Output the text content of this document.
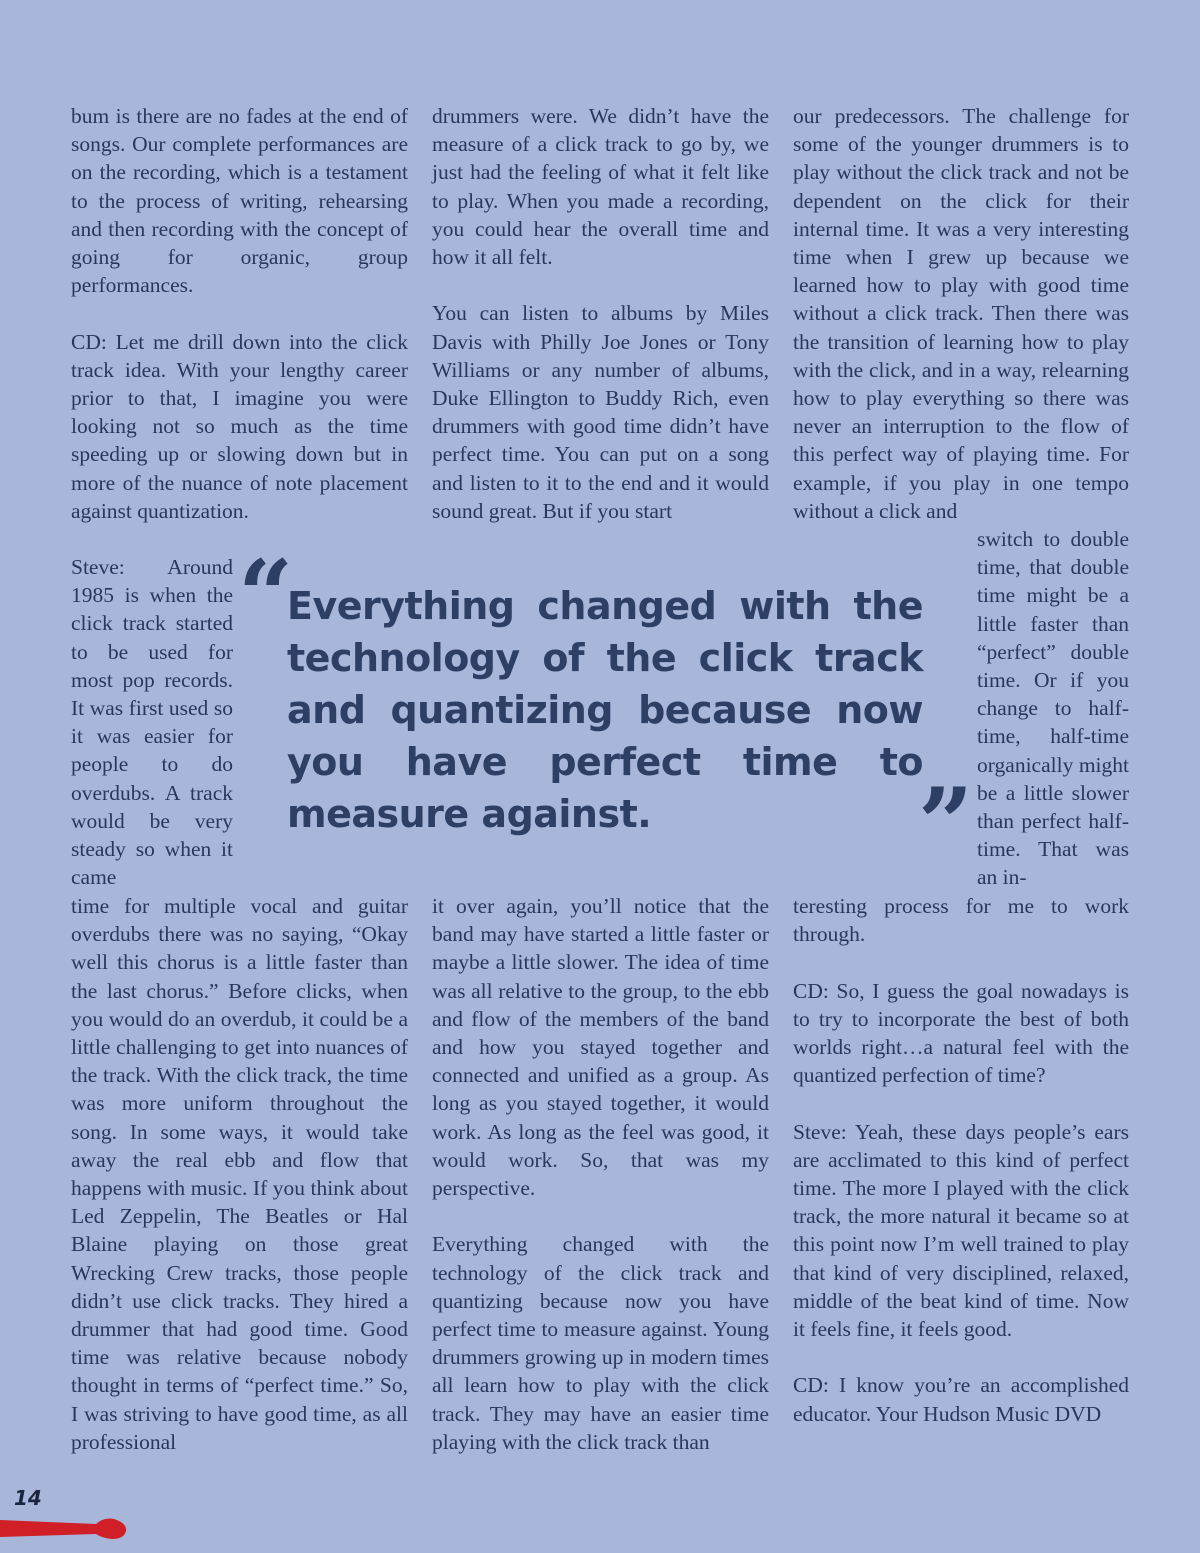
bum is there are no fades at the end of songs. Our complete performances are on the recording, which is a testament to the process of writing, rehearsing and then recording with the concept of going for organic, group performances.

CD: Let me drill down into the click track idea. With your lengthy career prior to that, I imagine you were looking not so much as the time speeding up or slowing down but in more of the nuance of note placement against quantization.

drummers were. We didn’t have the measure of a click track to go by, we just had the feeling of what it felt like to play. When you made a recording, you could hear the overall time and how it all felt.

You can listen to albums by Miles Davis with Philly Joe Jones or Tony Williams or any number of albums, Duke Ellington to Buddy Rich, even drummers with good time didn’t have perfect time. You can put on a song and listen to it to the end and it would sound great. But if you start

our predecessors. The challenge for some of the younger drummers is to play without the click track and not be dependent on the click for their internal time. It was a very interesting time when I grew up because we learned how to play with good time without a click track. Then there was the transition of learning how to play with the click, and in a way, relearning how to play everything so there was never an interruption to the flow of this perfect way of playing time. For example, if you play in one tempo without a click and

Steve: Around 1985 is when the click track started to be used for most pop records. It was first used so it was easier for people to do overdubs. A track would be very steady so when it came

switch to double time, that double time might be a little faster than “perfect” double time. Or if you change to half-time, half-time organically might be a little slower than perfect half-time. That was an in-

“
Everything changed with the technology of the click track and quantizing because now you have perfect time to measure against.	”

time for multiple vocal and guitar overdubs there was no saying, “Okay well this chorus is a little faster than the last chorus.” Before clicks, when you would do an overdub, it could be a little challenging to get into nuances of the track. With the click track, the time was more uniform throughout the song. In some ways, it would take away the real ebb and flow that happens with music. If you think about Led Zeppelin, The Beatles or Hal Blaine playing on those great Wrecking Crew tracks, those people didn’t use click tracks. They hired a drummer that had good time. Good time was relative because nobody thought in terms of “perfect time.” So, I was striving to have good time, as all professional

it over again, you’ll notice that the band may have started a little faster or maybe a little slower. The idea of time was all relative to the group, to the ebb and flow of the members of the band and how you stayed together and connected and unified as a group. As long as you stayed together, it would work. As long as the feel was good, it would work. So, that was my perspective.

Everything changed with the technology of the click track and quantizing because now you have perfect time to measure against. Young drummers growing up in modern times all learn how to play with the click track. They may have an easier time playing with the click track than

teresting process for me to work through.

CD: So, I guess the goal nowadays is to try to incorporate the best of both worlds right…a natural feel with the quantized perfection of time?

Steve: Yeah, these days people’s ears are acclimated to this kind of perfect time. The more I played with the click track, the more natural it became so at this point now I’m well trained to play that kind of very disciplined, relaxed, middle of the beat kind of time. Now it feels fine, it feels good.

CD: I know you’re an accomplished educator. Your Hudson Music DVD

14
